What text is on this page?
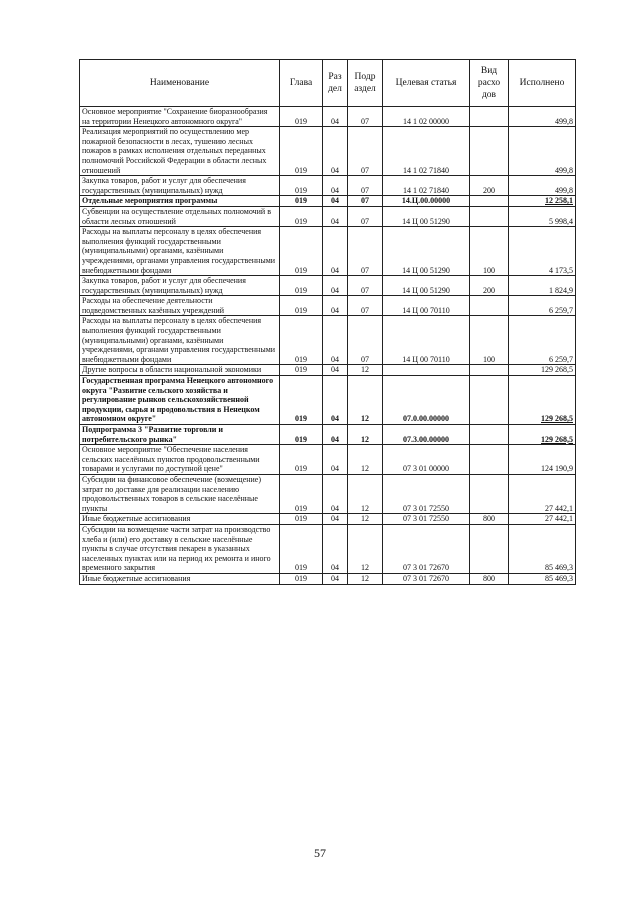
Наименование	Глава	Раз дел	Подр аздел	Целевая статья	Вид расхо дов	Исполнено
Основное мероприятие "Сохранение биоразнообразия на территории Ненецкого автономного округа"	019	04	07	14 1 02 00000		499,8
Реализация мероприятий по осуществлению мер пожарной безопасности в лесах, тушению лесных пожаров в рамках исполнения отдельных переданных полномочий Российской Федерации в области лесных отношений	019	04	07	14 1 02 71840		499,8
Закупка товаров, работ и услуг для обеспечения государственных (муниципальных) нужд	019	04	07	14 1 02 71840	200	499,8
Отдельные мероприятия программы	019	04	07	14.Ц.00.00000		12 258,1
Субвенции на осуществление отдельных полномочий в области лесных отношений	019	04	07	14 Ц 00 51290		5 998,4
Расходы на выплаты персоналу в целях обеспечения выполнения функций государственными (муниципальными) органами, казёнными учреждениями, органами управления государственными внебюджетными фондами	019	04	07	14 Ц 00 51290	100	4 173,5
Закупка товаров, работ и услуг для обеспечения государственных (муниципальных) нужд	019	04	07	14 Ц 00 51290	200	1 824,9
Расходы на обеспечение деятельности подведомственных казённых учреждений	019	04	07	14 Ц 00 70110		6 259,7
Расходы на выплаты персоналу в целях обеспечения выполнения функций государственными (муниципальными) органами, казёнными учреждениями, органами управления государственными внебюджетными фондами	019	04	07	14 Ц 00 70110	100	6 259,7
Другие вопросы в области национальной экономики	019	04	12			129 268,5
Государственная программа Ненецкого автономного округа "Развитие сельского хозяйства и регулирование рынков сельскохозяйственной продукции, сырья и продовольствия в Ненецком автономном округе"	019	04	12	07.0.00.00000		129 268,5
Подпрограмма 3 "Развитие торговли и потребительского рынка"	019	04	12	07.3.00.00000		129 268,5
Основное мероприятие "Обеспечение населения сельских населённых пунктов продовольственными товарами и услугами по доступной цене"	019	04	12	07 3 01 00000		124 190,9
Субсидии на финансовое обеспечение (возмещение) затрат по доставке для реализации населению продовольственных товаров в сельские населённые пункты	019	04	12	07 3 01 72550		27 442,1
Иные бюджетные ассигнования	019	04	12	07 3 01 72550	800	27 442,1
Субсидии на возмещение части затрат на производство хлеба и (или) его доставку в сельские населённые пункты в случае отсутствия пекарен в указанных населенных пунктах или на период их ремонта и иного временного закрытия	019	04	12	07 3 01 72670		85 469,3
Иные бюджетные ассигнования	019	04	12	07 3 01 72670	800	85 469,3
57
